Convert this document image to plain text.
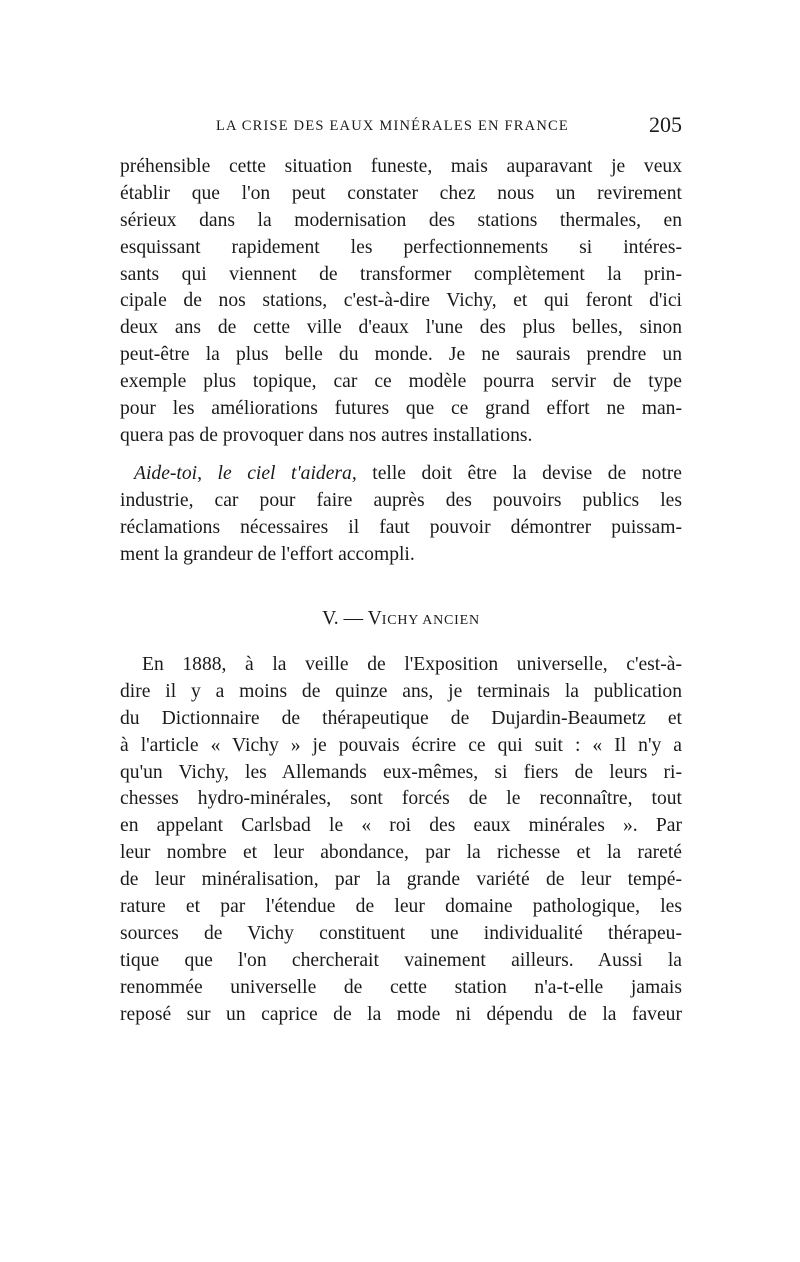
LA CRISE DES EAUX MINÉRALES EN FRANCE	205
préhensible cette situation funeste, mais auparavant je veux
établir que l'on peut constater chez nous un revirement
sérieux dans la modernisation des stations thermales, en
esquissant rapidement les perfectionnements si intéres-
sants qui viennent de transformer complètement la prin-
cipale de nos stations, c'est-à-dire Vichy, et qui feront d'ici
deux ans de cette ville d'eaux l'une des plus belles, sinon
peut-être la plus belle du monde. Je ne saurais prendre un
exemple plus topique, car ce modèle pourra servir de type
pour les améliorations futures que ce grand effort ne man-
quera pas de provoquer dans nos autres installations.
Aide-toi, le ciel t'aidera, telle doit être la devise de notre
industrie, car pour faire auprès des pouvoirs publics les
réclamations nécessaires il faut pouvoir démontrer puissam-
ment la grandeur de l'effort accompli.
V. — VICHY ANCIEN
En 1888, à la veille de l'Exposition universelle, c'est-à-
dire il y a moins de quinze ans, je terminais la publication
du Dictionnaire de thérapeutique de Dujardin-Beaumetz et
à l'article « Vichy » je pouvais écrire ce qui suit : « Il n'y a
qu'un Vichy, les Allemands eux-mêmes, si fiers de leurs ri-
chesses hydro-minérales, sont forcés de le reconnaître, tout
en appelant Carlsbad le « roi des eaux minérales ». Par
leur nombre et leur abondance, par la richesse et la rareté
de leur minéralisation, par la grande variété de leur tempé-
rature et par l'étendue de leur domaine pathologique, les
sources de Vichy constituent une individualité thérapeu-
tique que l'on chercherait vainement ailleurs. Aussi la
renommée universelle de cette station n'a-t-elle jamais
reposé sur un caprice de la mode ni dépendu de la faveur
